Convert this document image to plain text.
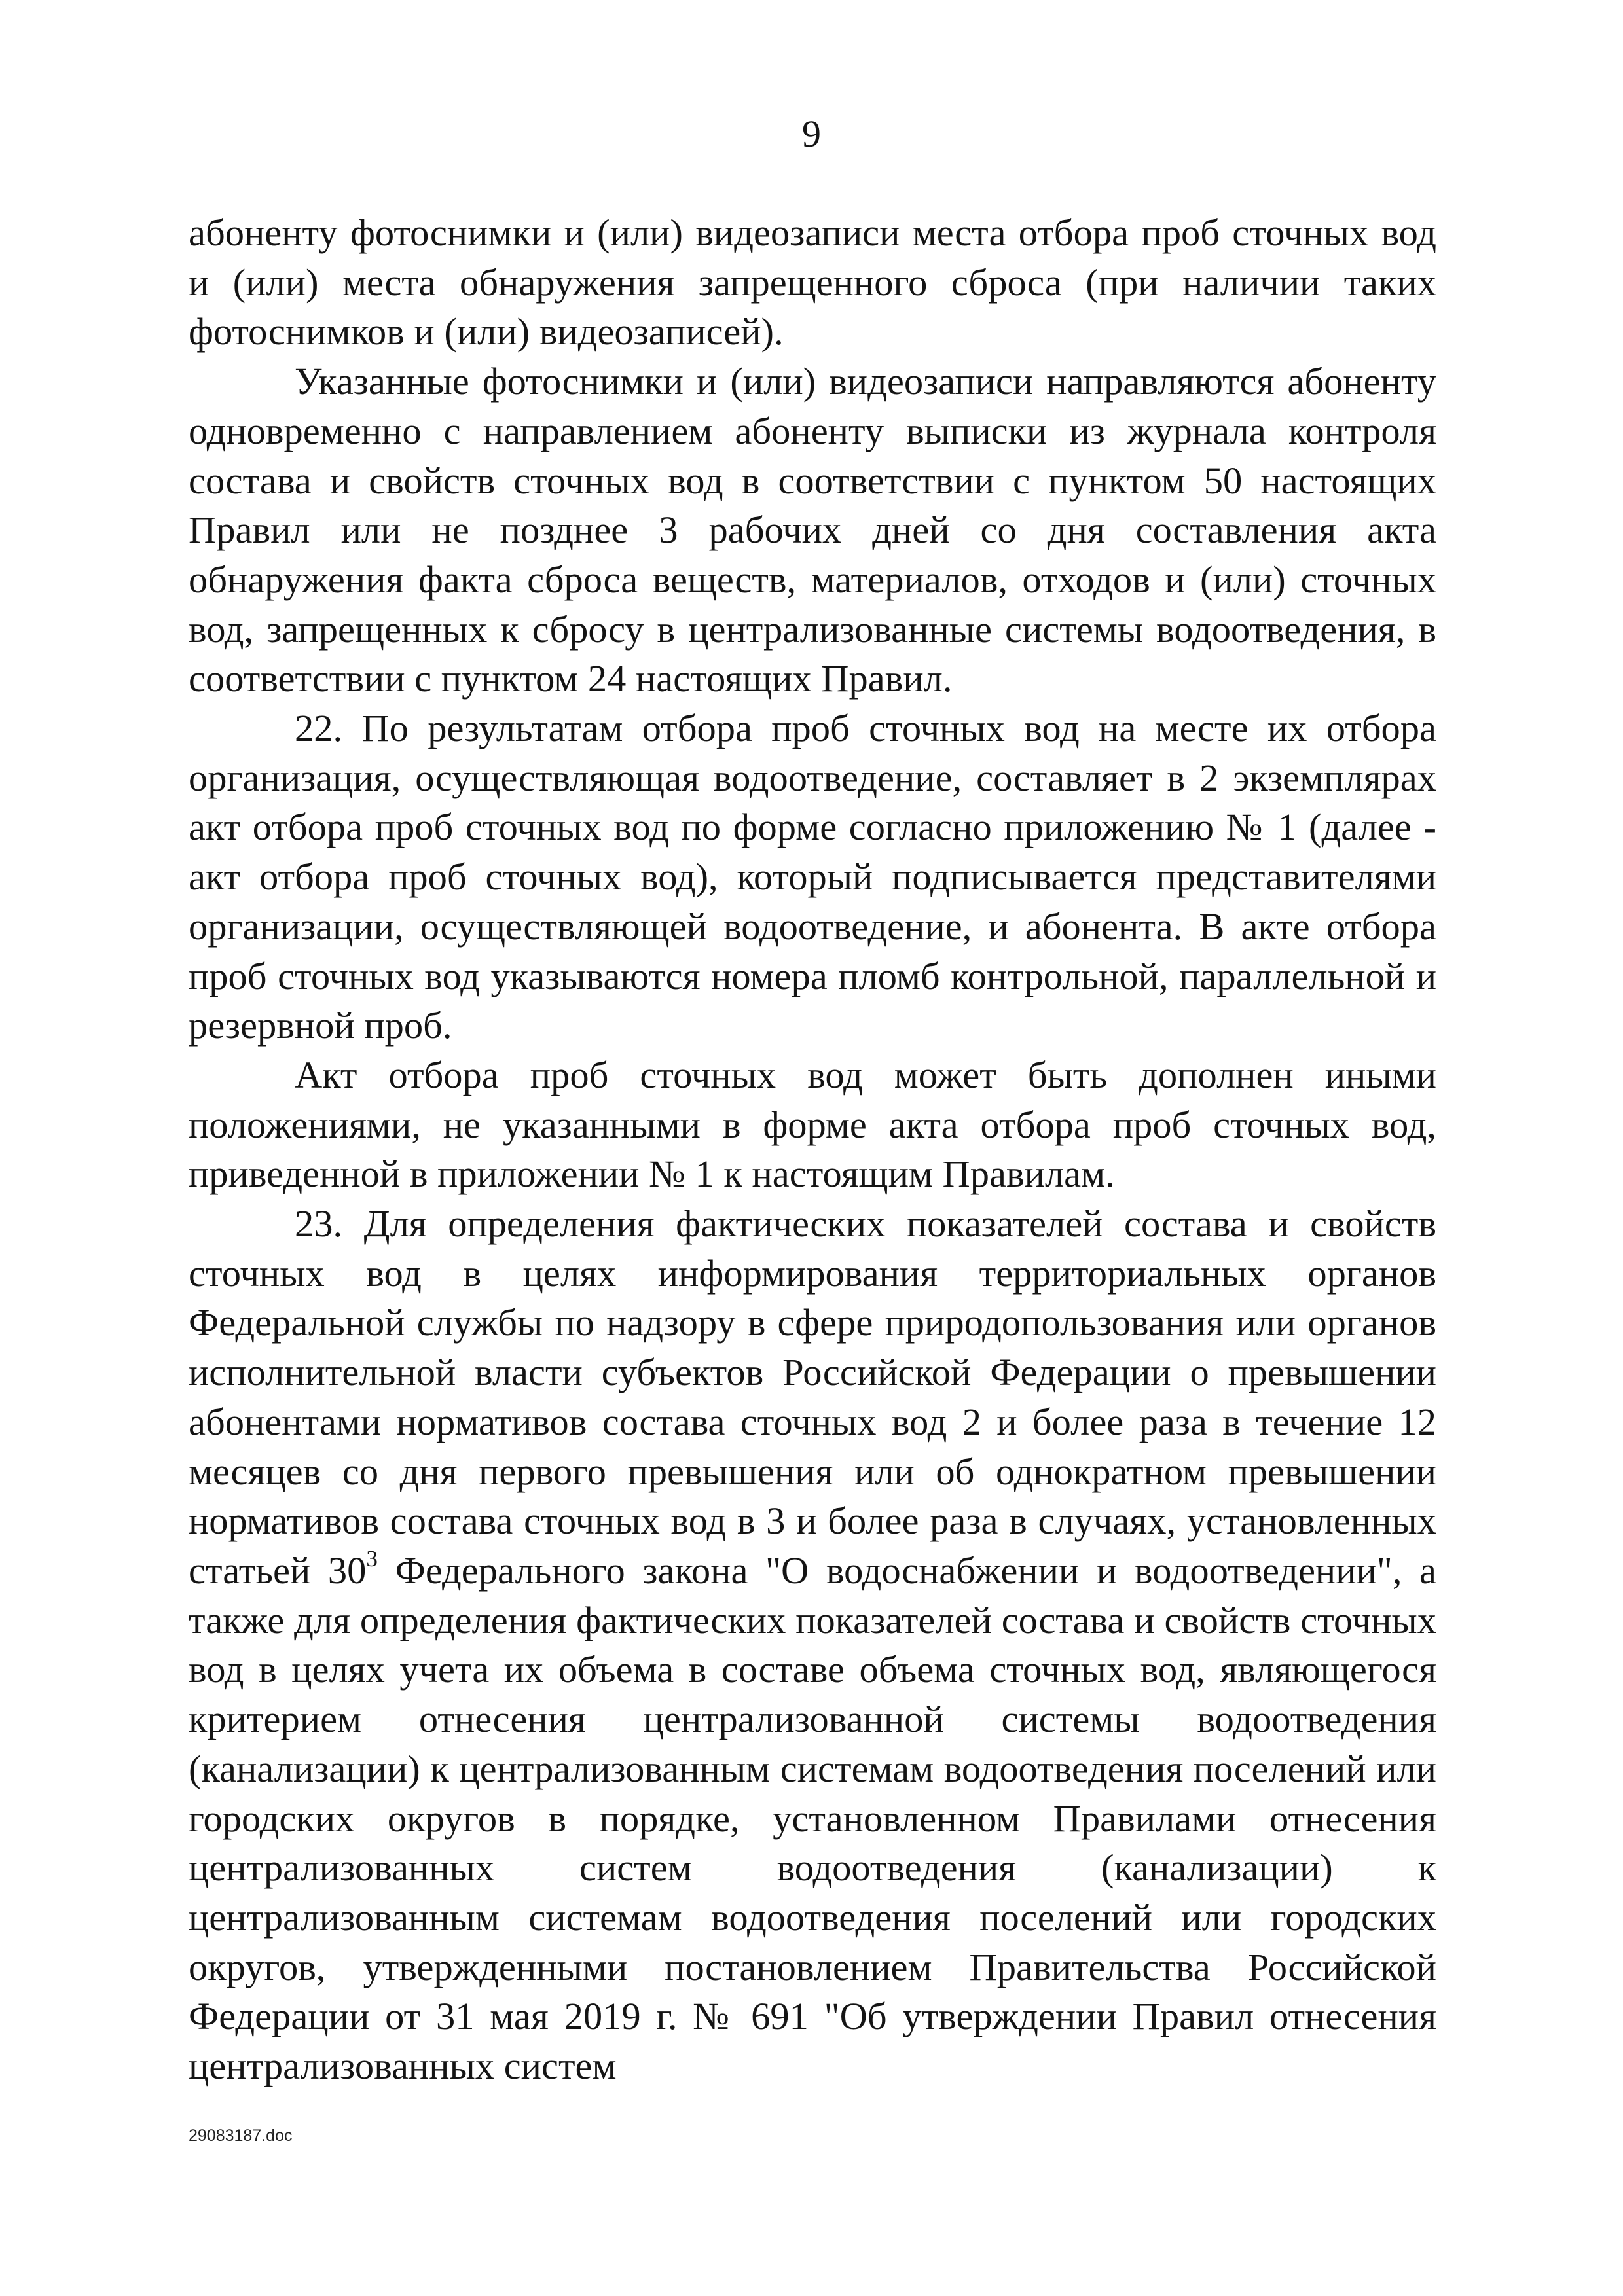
9

абоненту фотоснимки и (или) видеозаписи места отбора проб сточных вод и (или) места обнаружения запрещенного сброса (при наличии таких фотоснимков и (или) видеозаписей).

Указанные фотоснимки и (или) видеозаписи направляются абоненту одновременно с направлением абоненту выписки из журнала контроля состава и свойств сточных вод в соответствии с пунктом 50 настоящих Правил или не позднее 3 рабочих дней со дня составления акта обнаружения факта сброса веществ, материалов, отходов и (или) сточных вод, запрещенных к сбросу в централизованные системы водоотведения, в соответствии с пунктом 24 настоящих Правил.

22. По результатам отбора проб сточных вод на месте их отбора организация, осуществляющая водоотведение, составляет в 2 экземплярах акт отбора проб сточных вод по форме согласно приложению № 1 (далее - акт отбора проб сточных вод), который подписывается представителями организации, осуществляющей водоотведение, и абонента. В акте отбора проб сточных вод указываются номера пломб контрольной, параллельной и резервной проб.

Акт отбора проб сточных вод может быть дополнен иными положениями, не указанными в форме акта отбора проб сточных вод, приведенной в приложении № 1 к настоящим Правилам.

23. Для определения фактических показателей состава и свойств сточных вод в целях информирования территориальных органов Федеральной службы по надзору в сфере природопользования или органов исполнительной власти субъектов Российской Федерации о превышении абонентами нормативов состава сточных вод 2 и более раза в течение 12 месяцев со дня первого превышения или об однократном превышении нормативов состава сточных вод в 3 и более раза в случаях, установленных статьей $30^3$ Федерального закона "О водоснабжении и водоотведении", а также для определения фактических показателей состава и свойств сточных вод в целях учета их объема в составе объема сточных вод, являющегося критерием отнесения централизованной системы водоотведения (канализации) к централизованным системам водоотведения поселений или городских округов в порядке, установленном Правилами отнесения централизованных систем водоотведения (канализации) к централизованным системам водоотведения поселений или городских округов, утвержденными постановлением Правительства Российской Федерации от 31 мая 2019 г. № 691 "Об утверждении Правил отнесения централизованных систем

29083187.doc
